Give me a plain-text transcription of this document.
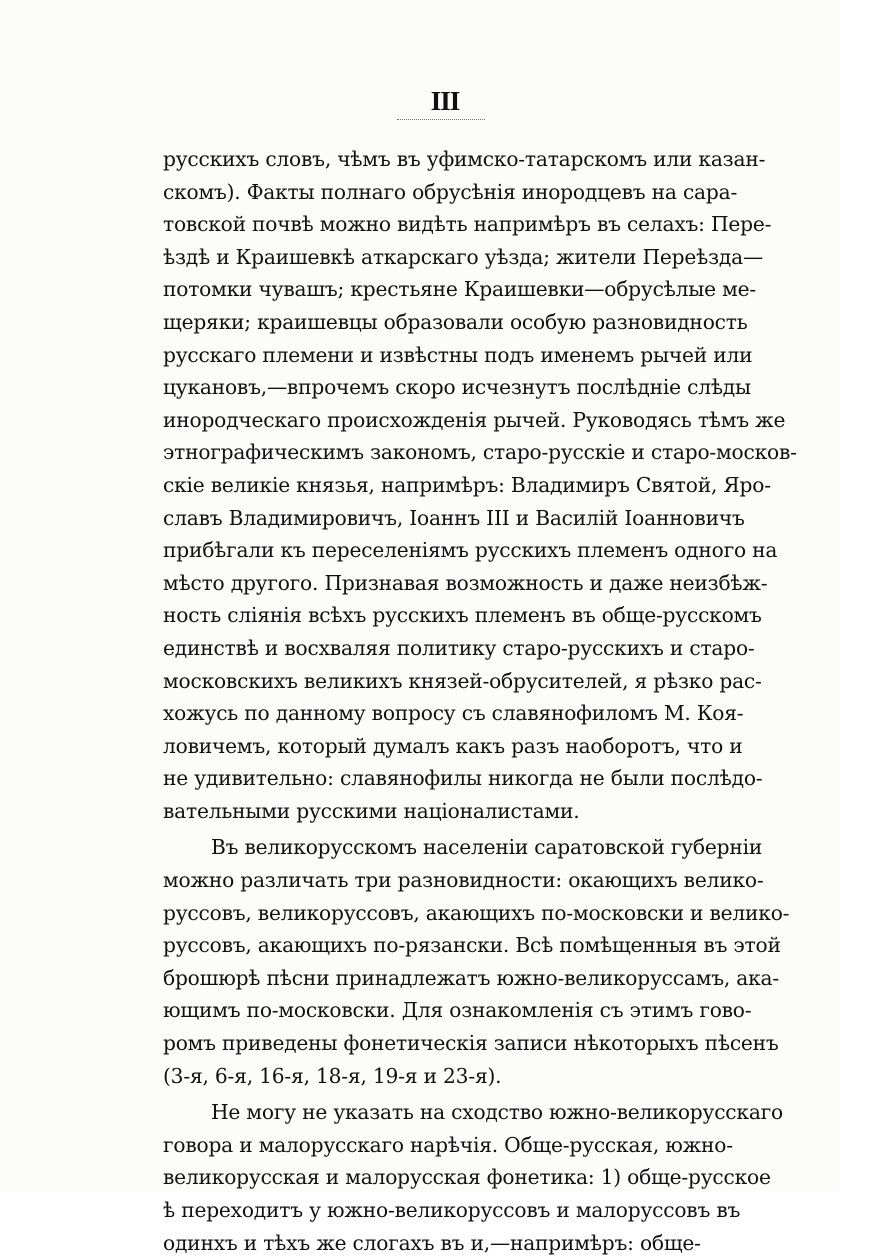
III
русскихъ словъ, чѣмъ въ уфимско-татарскомъ или казан-
скомъ). Факты полнаго обрусѣнія инородцевъ на сара-
товской почвѣ можно видѣть напримѣръ въ селахъ: Пере-
ѣздѣ и Краишевкѣ аткарскаго уѣзда; жители Переѣзда—
потомки чувашъ; крестьяне Краишевки—обрусѣлые ме-
щеряки; краишевцы образовали особую разновидность
русскаго племени и извѣстны подъ именемъ рычей или
цукановъ,—впрочемъ скоро исчезнутъ послѣдніе слѣды
инородческаго происхожденія рычей. Руководясь тѣмъ же
этнографическимъ закономъ, старо-русскіе и старо-москов-
скіе великіе князья, напримѣръ: Владимиръ Святой, Яро-
славъ Владимировичъ, Іоаннъ III и Василій Іоанновичъ
прибѣгали къ переселеніямъ русскихъ племенъ одного на
мѣсто другого. Признавая возможность и даже неизбѣж-
ность сліянія всѣхъ русскихъ племенъ въ обще-русскомъ
единствѣ и восхваляя политику старо-русскихъ и старо-
московскихъ великихъ князей-обрусителей, я рѣзко рас-
хожусь по данному вопросу съ славянофиломъ М. Коя-
ловичемъ, который думалъ какъ разъ наоборотъ, что и
не удивительно: славянофилы никогда не были послѣдо-
вательными русскими націоналистами.
Въ великорусскомъ населеніи саратовской губерніи
можно различать три разновидности: окающихъ велико-
руссовъ, великоруссовъ, акающихъ по-московски и велико-
руссовъ, акающихъ по-рязански. Всѣ помѣщенныя въ этой
брошюрѣ пѣсни принадлежатъ южно-великоруссамъ, ака-
ющимъ по-московски. Для ознакомленія съ этимъ гово-
ромъ приведены фонетическія записи нѣкоторыхъ пѣсенъ
(3-я, 6-я, 16-я, 18-я, 19-я и 23-я).
Не могу не указать на сходство южно-великорусскаго
говора и малорусскаго нарѣчія. Обще-русская, южно-
великорусская и малорусская фонетика: 1) обще-русское
ѣ переходитъ у южно-великоруссовъ и малоруссовъ въ
одинхъ и тѣхъ же слогахъ въ и,—напримѣръ: обще-
